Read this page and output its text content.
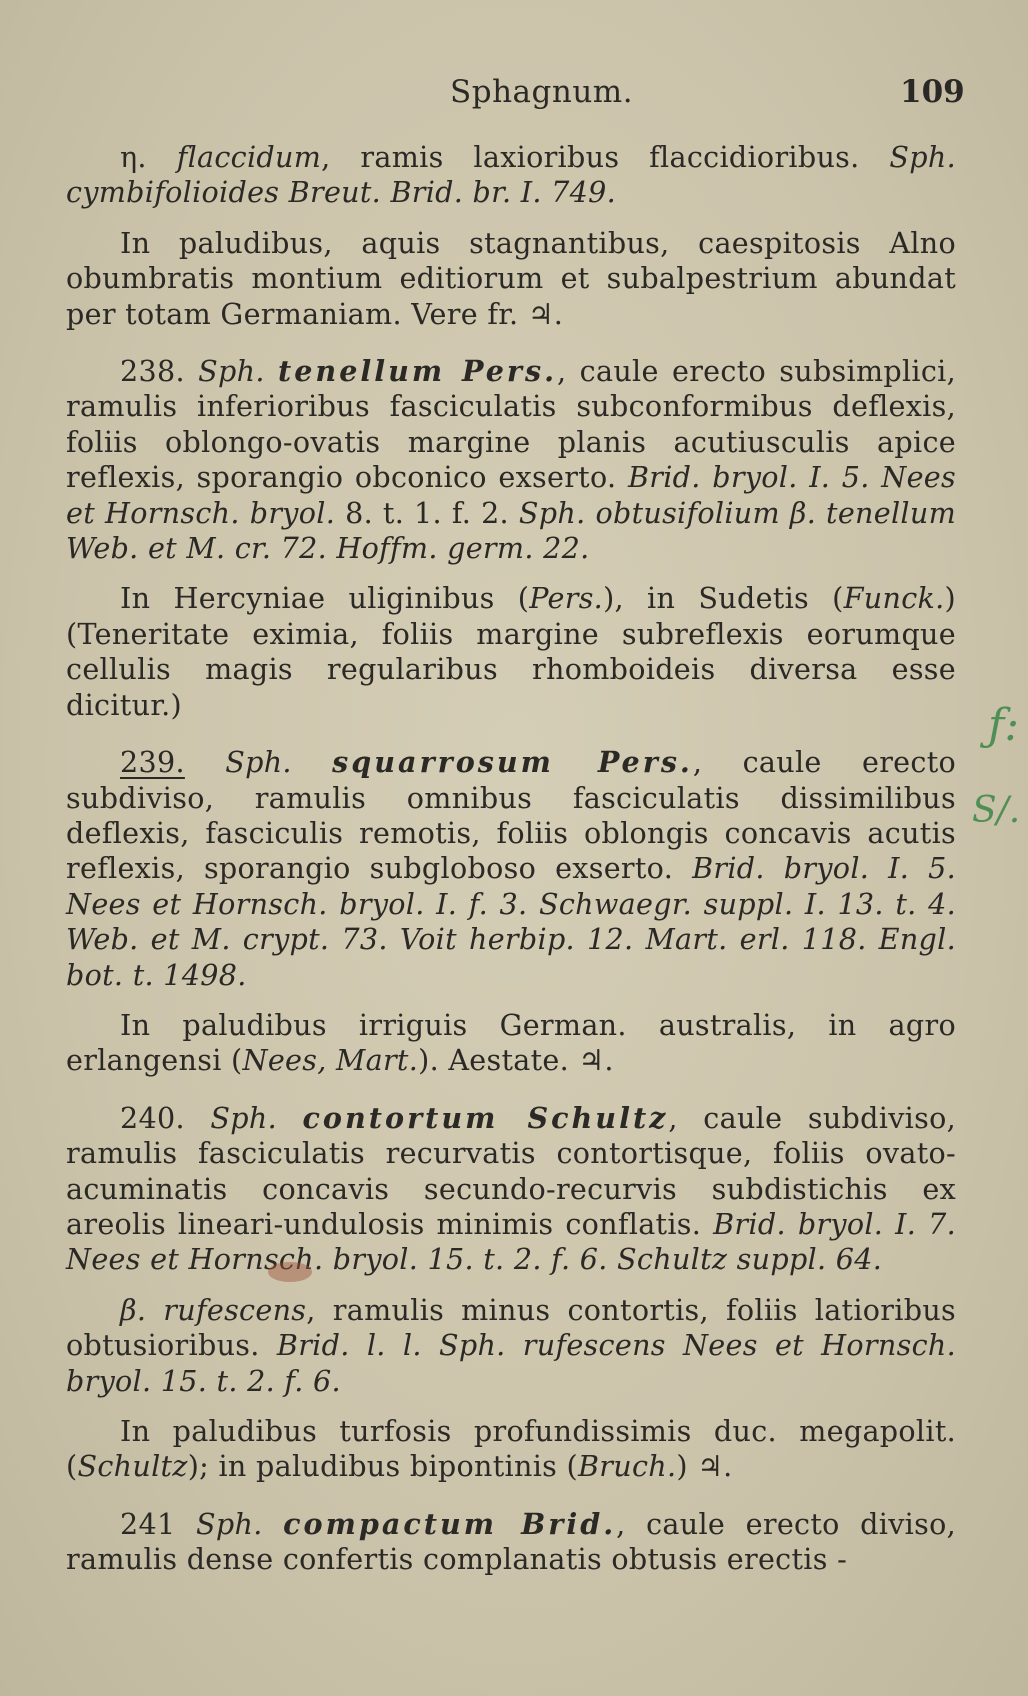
Sphagnum.	109

η. flaccidum, ramis laxioribus flaccidioribus. Sph. cymbifolioides Breut. Brid. br. I. 749.

In paludibus, aquis stagnantibus, caespitosis Alno obumbratis montium editiorum et subalpestrium abundat per totam Germaniam. Vere fr. ♃.

238. Sph. tenellum Pers., caule erecto subsimplici, ramulis inferioribus fasciculatis subconformibus deflexis, foliis oblongo-ovatis margine planis acutiusculis apice reflexis, sporangio obconico exserto. Brid. bryol. I. 5. Nees et Hornsch. bryol. 8. t. 1. f. 2. Sph. obtusifolium β. tenellum Web. et M. cr. 72. Hoffm. germ. 22.

In Hercyniae uliginibus (Pers.), in Sudetis (Funck.) (Teneritate eximia, foliis margine subreflexis eorumque cellulis magis regularibus rhomboideis diversa esse dicitur.)

239. Sph. squarrosum Pers., caule erecto subdiviso, ramulis omnibus fasciculatis dissimilibus deflexis, fasciculis remotis, foliis oblongis concavis acutis reflexis, sporangio subgloboso exserto. Brid. bryol. I. 5. Nees et Hornsch. bryol. I. f. 3. Schwaegr. suppl. I. 13. t. 4. Web. et M. crypt. 73. Voit herbip. 12. Mart. erl. 118. Engl. bot. t. 1498.

In paludibus irriguis German. australis, in agro erlangensi (Nees, Mart.). Aestate. ♃.

240. Sph. contortum Schultz, caule subdiviso, ramulis fasciculatis recurvatis contortisque, foliis ovato-acuminatis concavis secundo-recurvis subdistichis ex areolis lineari-undulosis minimis conflatis. Brid. bryol. I. 7. Nees et Hornsch. bryol. 15. t. 2. f. 6. Schultz suppl. 64.

β. rufescens, ramulis minus contortis, foliis latioribus obtusioribus. Brid. l. l. Sph. rufescens Nees et Hornsch. bryol. 15. t. 2. f. 6.

In paludibus turfosis profundissimis duc. megapolit. (Schultz); in paludibus bipontinis (Bruch.) ♃.

241 Sph. compactum Brid., caule erecto diviso, ramulis dense confertis complanatis obtusis erectis -

ƒ:
S/.
